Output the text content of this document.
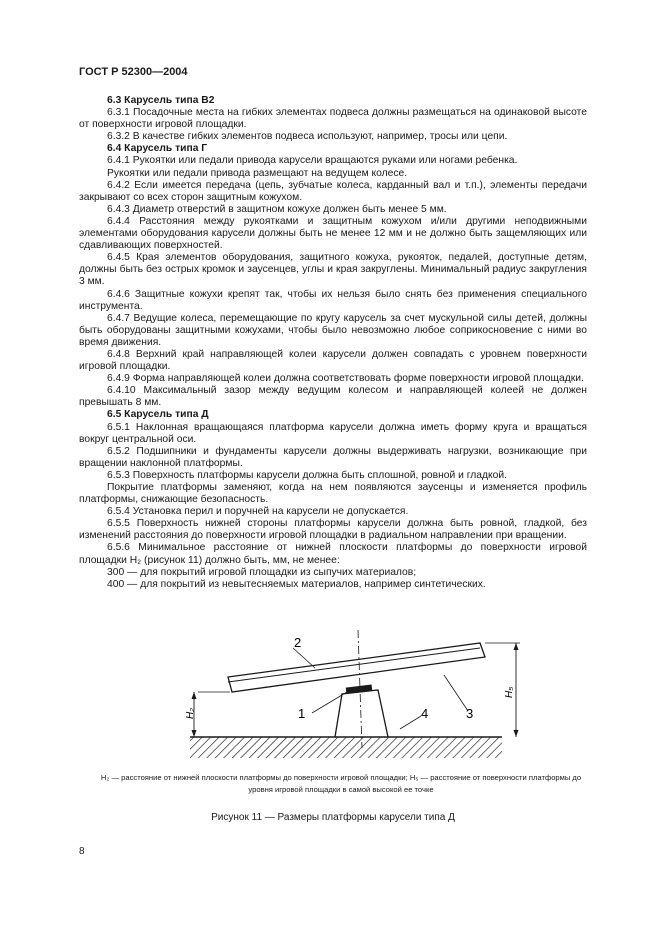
ГОСТ Р 52300—2004

6.3 Карусель типа В2

6.3.1 Посадочные места на гибких элементах подвеса должны размещаться на одинаковой высоте от поверхности игровой площадки.

6.3.2 В качестве гибких элементов подвеса используют, например, тросы или цепи.

6.4 Карусель типа Г

6.4.1 Рукоятки или педали привода карусели вращаются руками или ногами ребенка.

Рукоятки или педали привода размещают на ведущем колесе.

6.4.2 Если имеется передача (цепь, зубчатые колеса, карданный вал и т.п.), элементы передачи закрывают со всех сторон защитным кожухом.

6.4.3 Диаметр отверстий в защитном кожухе должен быть менее 5 мм.

6.4.4 Расстояния между рукоятками и защитным кожухом и/или другими неподвижными элементами оборудования карусели должны быть не менее 12 мм и не должно быть защемляющих или сдавливающих поверхностей.

6.4.5 Края элементов оборудования, защитного кожуха, рукояток, педалей, доступные детям, должны быть без острых кромок и заусенцев, углы и края закруглены. Минимальный радиус закругления 3 мм.

6.4.6 Защитные кожухи крепят так, чтобы их нельзя было снять без применения специального инструмента.

6.4.7 Ведущие колеса, перемещающие по кругу карусель за счет мускульной силы детей, должны быть оборудованы защитными кожухами, чтобы было невозможно любое соприкосновение с ними во время движения.

6.4.8 Верхний край направляющей колеи карусели должен совпадать с уровнем поверхности игровой площадки.

6.4.9 Форма направляющей колеи должна соответствовать форме поверхности игровой площадки.

6.4.10 Максимальный зазор между ведущим колесом и направляющей колеей не должен превышать 8 мм.

6.5 Карусель типа Д

6.5.1 Наклонная вращающаяся платформа карусели должна иметь форму круга и вращаться вокруг центральной оси.

6.5.2 Подшипники и фундаменты карусели должны выдерживать нагрузки, возникающие при вращении наклонной платформы.

6.5.3 Поверхность платформы карусели должна быть сплошной, ровной и гладкой.

Покрытие платформы заменяют, когда на нем появляются заусенцы и изменяется профиль платформы, снижающие безопасность.

6.5.4 Установка перил и поручней на карусели не допускается.

6.5.5 Поверхность нижней стороны платформы карусели должна быть ровной, гладкой, без изменений расстояния до поверхности игровой площадки в радиальном направлении при вращении.

6.5.6 Минимальное расстояние от нижней плоскости платформы до поверхности игровой площадки H₂ (рисунок 11) должно быть, мм, не менее:

300 — для покрытий игровой площадки из сыпучих материалов;

400 — для покрытий из невытесняемых материалов, например синтетических.

H₂
H₅
2
1	3
4
H₂ — расстояние от нижней плоскости платформы до поверхности игровой площадки; H₅ — расстояние от поверхности платформы до уровня игровой площадки в самой высокой ее точке
Рисунок 11 — Размеры платформы карусели типа Д
8
